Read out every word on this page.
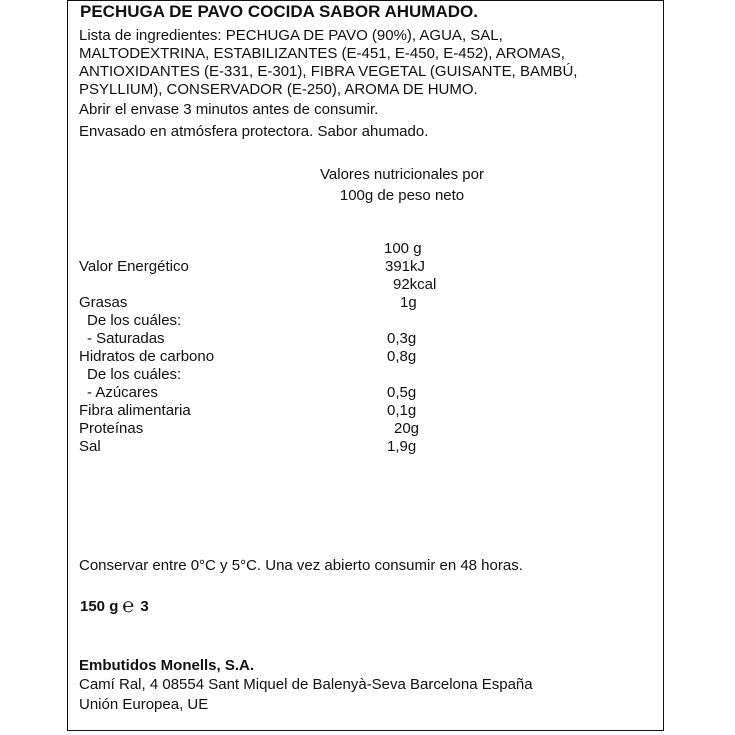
PECHUGA DE PAVO COCIDA SABOR AHUMADO.
Lista de ingredientes: PECHUGA DE PAVO (90%), AGUA, SAL,
MALTODEXTRINA, ESTABILIZANTES (E-451, E-450, E-452), AROMAS,
ANTIOXIDANTES (E-331, E-301), FIBRA VEGETAL (GUISANTE, BAMBÚ,
PSYLLIUM), CONSERVADOR (E-250), AROMA DE HUMO.
Abrir el envase 3 minutos antes de consumir.
Envasado en atmósfera protectora. Sabor ahumado.
Valores nutricionales por
100g de peso neto
100 g
Valor Energético	391kJ
92kcal
Grasas	1g
De los cuáles:
- Saturadas	0,3g
Hidratos de carbono	0,8g
De los cuáles:
- Azúcares	0,5g
Fibra alimentaria	0,1g
Proteínas	20g
Sal	1,9g
Conservar entre 0°C y 5°C. Una vez abierto consumir en 48 horas.
150 g ℮ 3
Embutidos Monells, S.A.
Camí Ral, 4 08554 Sant Miquel de Balenyà-Seva Barcelona España
Unión Europea, UE
